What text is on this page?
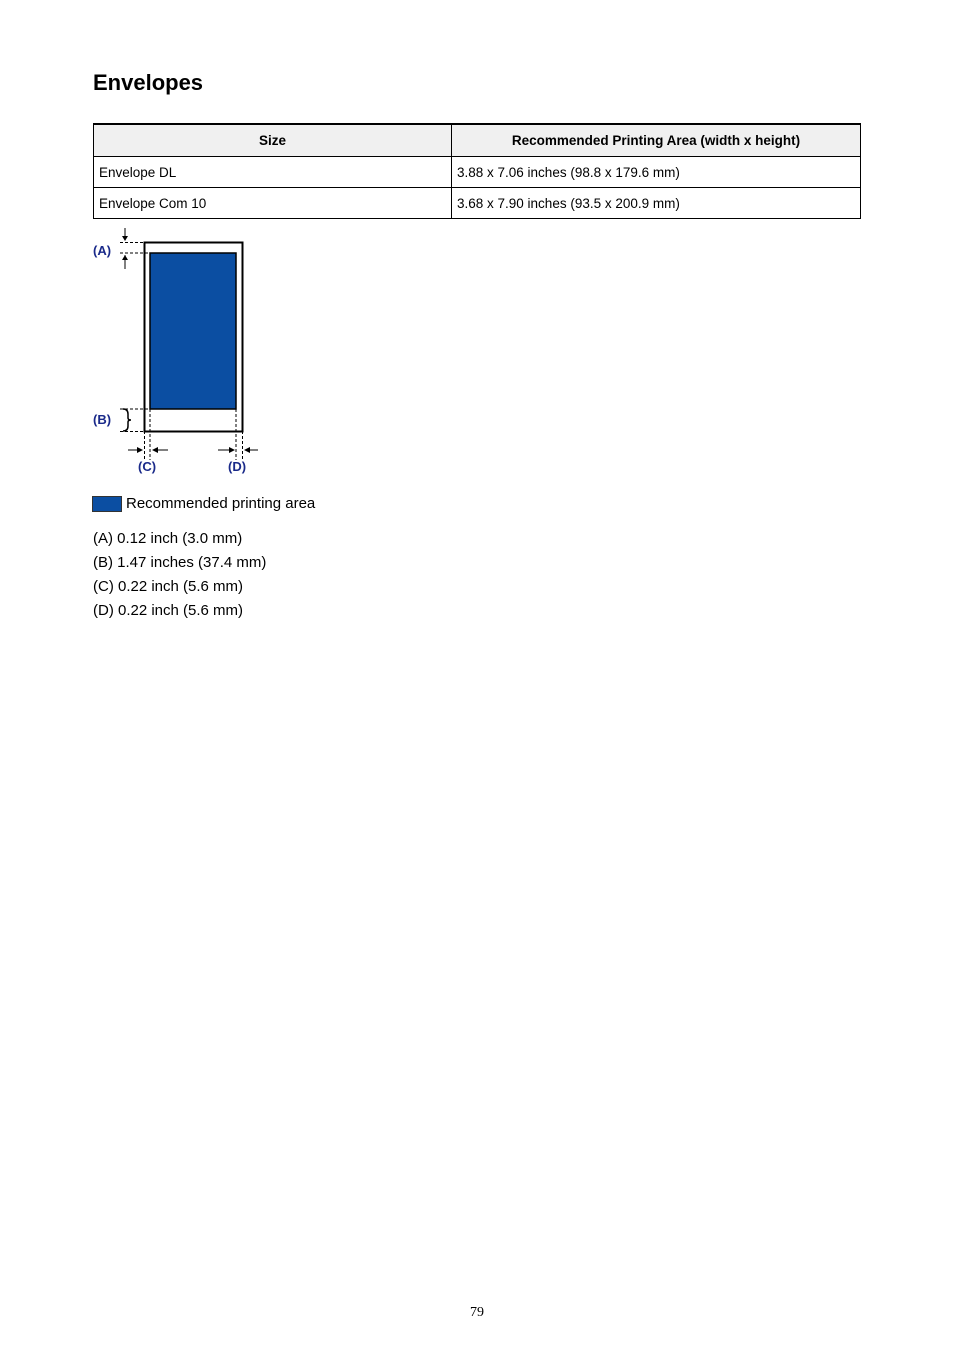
Envelopes
Size	Recommended Printing Area (width x height)
Envelope DL	3.88 x 7.06 inches (98.8 x 179.6 mm)
Envelope Com 10	3.68 x 7.90 inches (93.5 x 200.9 mm)
(A)
(B)
(C)	(D)
Recommended printing area
(A) 0.12 inch (3.0 mm)
(B) 1.47 inches (37.4 mm)
(C) 0.22 inch (5.6 mm)
(D) 0.22 inch (5.6 mm)
79
